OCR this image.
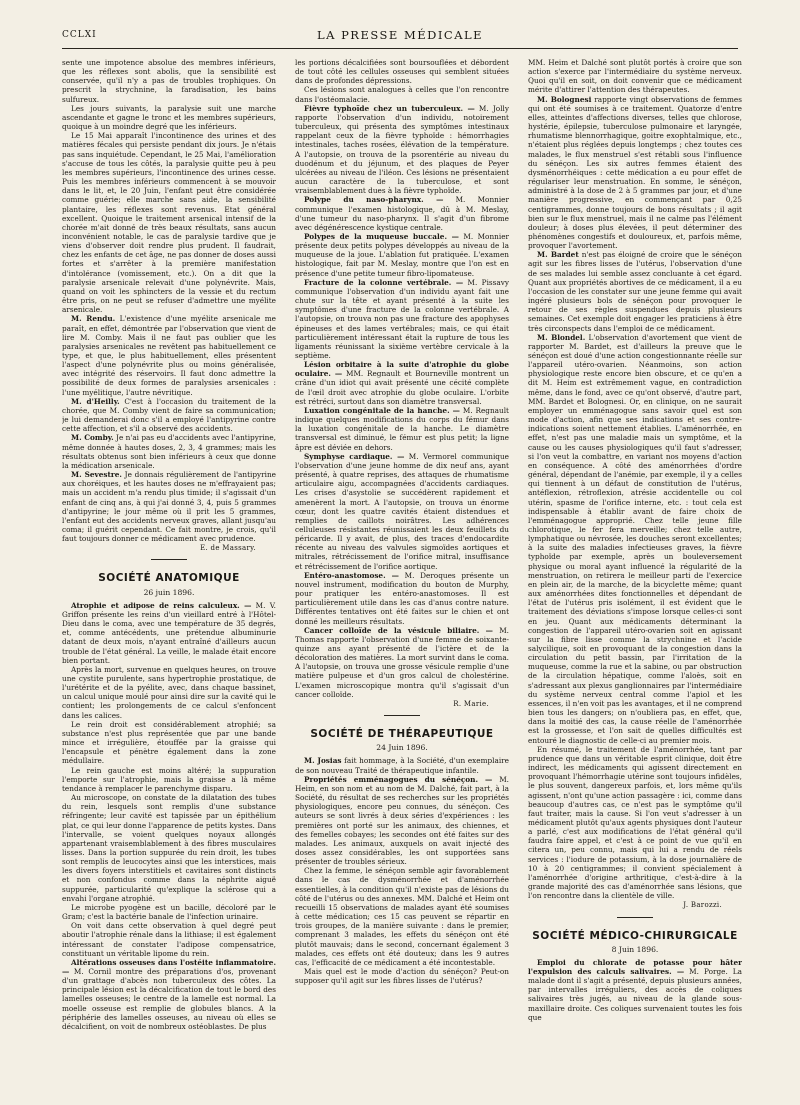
CCLXI	LA PRESSE MÉDICALE

sente une impotence absolue des membres inférieurs, que les réflexes sont abolis, que la sensibilité est conservée, qu'il n'y a pas de troubles trophiques. On prescrit la strychnine, la faradisation, les bains sulfureux.

Les jours suivants, la paralysie suit une marche ascendante et gagne le tronc et les membres supérieurs, quoique à un moindre degré que les inférieurs.

Le 15 Mai apparaît l'incontinence des urines et des matières fécales qui persiste pendant dix jours. Je n'étais pas sans inquiétude. Cependant, le 25 Mai, l'amélioration s'accuse de tous les côtés, la paralysie quitte peu à peu les membres supérieurs, l'incontinence des urines cesse. Puis les membres inférieurs commencent à se mouvoir dans le lit, et, le 20 Juin, l'enfant peut être considérée comme guérie; elle marche sans aide, la sensibilité plantaire, les réflexes sont revenus. Etat général excellent. Quoique le traitement arsenical intensif de la chorée m'ait donné de très beaux résultats, sans aucun inconvénient notable, le cas de paralysie tardive que je viens d'observer doit rendre plus prudent. Il faudrait, chez les enfants de cet âge, ne pas donner de doses aussi fortes et s'arrêter à la première manifestation d'intolérance (vomissement, etc.). On a dit que la paralysie arsenicale relevait d'une polynévrite. Mais, quand on voit les sphincters de la vessie et du rectum être pris, on ne peut se refuser d'admettre une myélite arsenicale.

M. Rendu. L'existence d'une myélite arsenicale me paraît, en effet, démontrée par l'observation que vient de lire M. Comby. Mais il ne faut pas oublier que les paralysies arsenicales ne revêtent pas habituellement ce type, et que, le plus habituellement, elles présentent l'aspect d'une polynévrite plus ou moins généralisée, avec intégrité des réservoirs. Il faut donc admettre la possibilité de deux formes de paralysies arsenicales : l'une myélitique, l'autre névritique.

M. d'Heilly. C'est à l'occasion du traitement de la chorée, que M. Comby vient de faire sa communication; je lui demanderai donc s'il a employé l'antipyrine contre cette affection, et s'il a observé des accidents.

M. Comby. Je n'ai pas eu d'accidents avec l'antipyrine, même donnée à hautes doses, 2, 3, 4 grammes; mais les résultats obtenus sont bien inférieurs à ceux que donne la médication arsenicale.

M. Sevestre. Je donnais régulièrement de l'antipyrine aux choréiques, et les hautes doses ne m'effrayaient pas; mais un accident m'a rendu plus timide; il s'agissait d'un enfant de cinq ans, à qui j'ai donné 3, 4, puis 5 grammes d'antipyrine; le jour même où il prit les 5 grammes, l'enfant eut des accidents nerveux graves, allant jusqu'au coma; il guérit cependant. Ce fait montre, je crois, qu'il faut toujours donner ce médicament avec prudence.

E. de Massary.
SOCIÉTÉ ANATOMIQUE
26 juin 1896.

Atrophie et adipose de reins calculeux. — M. V. Griffon présente les reins d'un vieillard entré à l'Hôtel-Dieu dans le coma, avec une température de 35 degrés, et, comme antécédents, une prétendue albuminurie datant de deux mois, n'ayant entraîné d'ailleurs aucun trouble de l'état général. La veille, le malade était encore bien portant.

Après la mort, survenue en quelques heures, on trouve une cystite purulente, sans hypertrophie prostatique, de l'urétérite et de la pyélite, avec, dans chaque bassinet, un calcul unique moulé pour ainsi dire sur la cavité qui le contient; les prolongements de ce calcul s'enfoncent dans les calices.

Le rein droit est considérablement atrophié; sa substance n'est plus représentée que par une bande mince et irrégulière, étouffée par la graisse qui l'encapsule et pénètre également dans la zone médullaire.

Le rein gauche est moins altéré; la suppuration l'emporte sur l'atrophie, mais la graisse a là même tendance à remplacer le parenchyme disparu.

Au microscope, on constate de la dilatation des tubes du rein, lesquels sont remplis d'une substance réfringente; leur cavité est tapissée par un épithélium plat, ce qui leur donne l'apparence de petits kystes. Dans l'intervalle, se voient quelques noyaux allongés appartenant vraisemblablement à des fibres musculaires lisses. Dans la portion suppurée du rein droit, les tubes sont remplis de leucocytes ainsi que les interstices, mais les divers foyers interstitiels et cavitaires sont distincts et non confondus comme dans la néphrite aiguë suppurée, particularité qu'explique la sclérose qui a envahi l'organe atrophié.

Le microbe pyogène est un bacille, décoloré par le Gram; c'est la bactérie banale de l'infection urinaire.

On voit dans cette observation à quel degré peut aboutir l'atrophie rénale dans la lithiase; il est également intéressant de constater l'adipose compensatrice, constituant un véritable lipome du rein.

Altérations osseuses dans l'ostéite inflammatoire. — M. Cornil montre des préparations d'os, provenant d'un grattage d'abcès non tuberculeux des côtes. La principale lésion est la décalcification de tout le bord des lamelles osseuses; le centre de la lamelle est normal. La moelle osseuse est remplie de globules blancs. A la périphérie des lamelles osseuses, au niveau où elles se décalcifient, on voit de nombreux ostéoblastes. De plus

les portions décalcifiées sont boursouflées et débordent de tout côté les cellules osseuses qui semblent situées dans de profondes dépressions.

Ces lésions sont analogues à celles que l'on rencontre dans l'ostéomalacie.

Fièvre typhoïde chez un tuberculeux. — M. Jolly rapporte l'observation d'un individu, notoirement tuberculeux, qui présenta des symptômes intestinaux rappelant ceux de la fièvre typhoïde : hémorrhagies intestinales, taches rosées, élévation de la température. A l'autopsie, on trouva de la psorentérie au niveau du duodénum et du jéjunum, et des plaques de Peyer ulcérées au niveau de l'iléon. Ces lésions ne présentaient aucun caractère de la tuberculose, et sont vraisemblablement dues à la fièvre typhoïde.

Polype du naso-pharynx. — M. Monnier communique l'examen histologique, dû à M. Meslay, d'une tumeur du naso-pharynx. Il s'agit d'un fibrome avec dégénérescence kystique centrale.

Polypes de la muqueuse buccale. — M. Monnier présente deux petits polypes développés au niveau de la muqueuse de la joue. L'ablation fut pratiquée. L'examen histologique, fait par M. Meslay, montre que l'on est en présence d'une petite tumeur fibro-lipomateuse.

Fracture de la colonne vertébrale. — M. Pissavy communique l'observation d'un individu ayant fait une chute sur la tête et ayant présenté à la suite les symptômes d'une fracture de la colonne vertébrale. A l'autopsie, on trouva non pas une fracture des apophyses épineuses et des lames vertébrales; mais, ce qui était particulièrement intéressant était la rupture de tous les ligaments réunissant la sixième vertèbre cervicale à la septième.

Lésion orbitaire à la suite d'atrophie du globe oculaire. — MM. Regnault et Bourneville montrent un crâne d'un idiot qui avait présenté une cécité complète de l'œil droit avec atrophie du globe oculaire. L'orbite est rétréci, surtout dans son diamètre transversal.

Luxation congénitale de la hanche. — M. Regnault indique quelques modifications du corps du fémur dans la luxation congénitale de la hanche. Le diamètre transversal est diminué, le fémur est plus petit; la ligne âpre est déviée en dehors.

Symphyse cardiaque. — M. Vermorel communique l'observation d'une jeune homme de dix neuf ans, ayant présenté, à quatre reprises, des attaques de rhumatisme articulaire aigu, accompagnées d'accidents cardiaques. Les crises d'asystolie se succédèrent rapidement et amenèrent la mort. A l'autopsie, on trouva un énorme cœur, dont les quatre cavités étaient distendues et remplies de caillots noirâtres. Les adhérences celluleuses résistantes réunissaient les deux feuillets du péricarde. Il y avait, de plus, des traces d'endocardite récente au niveau des valvules sigmoïdes aortiques et mitrales, rétrécissement de l'orifice mitral, insuffisance et rétrécissement de l'orifice aortique.

Entéro-anastomose. — M. Deroques présente un nouvel instrument, modification du bouton de Murphy, pour pratiquer les entéro-anastomoses. Il est particulièrement utile dans les cas d'anus contre nature. Différentes tentatives ont été faites sur le chien et ont donné les meilleurs résultats.

Cancer colloïde de la vésicule biliaire. — M. Thomas rapporte l'observation d'une femme de soixante-quinze ans ayant présenté de l'ictère et de la décoloration des matières. La mort survint dans le coma. A l'autopsie, on trouva une grosse vésicule remplie d'une matière pulpeuse et d'un gros calcul de cholestérine. L'examen microscopique montra qu'il s'agissait d'un cancer colloïde.

R. Marie.
SOCIÉTÉ DE THÉRAPEUTIQUE
24 Juin 1896.

M. Josias fait hommage, à la Société, d'un exemplaire de son nouveau Traité de thérapeutique infantile.

Propriétés emménagogues du sénéçon. — M. Heim, en son nom et au nom de M. Dalché, fait part, à la Société, du résultat de ses recherches sur les propriétés physiologiques, encore peu connues, du sénéçon. Ces auteurs se sont livrés à deux séries d'expériences : les premières ont porté sur les animaux, des chiennes, et des femelles cobayes; les secondes ont été faites sur des malades. Les animaux, auxquels on avait injecté des doses assez considérables, les ont supportées sans présenter de troubles sérieux.

Chez la femme, le sénéçon semble agir favorablement dans le cas de dysménorrhée et d'aménorrhée essentielles, à la condition qu'il n'existe pas de lésions du côté de l'utérus ou des annexes. MM. Dalché et Heim ont recueilli 15 observations de malades ayant été soumises à cette médication; ces 15 cas peuvent se répartir en trois groupes, de la manière suivante : dans le premier, comprenant 3 malades, les effets du sénéçon ont été plutôt mauvais; dans le second, concernant également 3 malades, ces effets ont été douteux; dans les 9 autres cas, l'efficacité de ce médicament a été incontestable.

Mais quel est le mode d'action du sénéçon? Peut-on supposer qu'il agit sur les fibres lisses de l'utérus?

MM. Heim et Dalché sont plutôt portés à croire que son action s'exerce par l'intermédiaire du système nerveux. Quoi qu'il en soit, on doit convenir que ce médicament mérite d'attirer l'attention des thérapeutes.

M. Bolognesi rapporte vingt observations de femmes qui ont été soumises à ce traitement. Quatorze d'entre elles, atteintes d'affections diverses, telles que chlorose, hystérie, épilepsie, tuberculose pulmonaire et laryngée, rhumatisme blennorrhagique, goitre exophtalmique, etc., n'étaient plus réglées depuis longtemps ; chez toutes ces malades, le flux menstruel s'est rétabli sous l'influence du sénéçon. Les six autres femmes étaient des dysménorrhéiques : cette médication a eu pour effet de régulariser leur menstruation. En somme, le sénéçon, administré à la dose de 2 à 5 grammes par jour, et d'une manière progressive, en commençant par 0,25 centigrammes, donne toujours de bons résultats ; il agit bien sur le flux menstruel, mais il ne calme pas l'élément douleur; à doses plus élevées, il peut déterminer des phénomènes congestifs et douloureux, et, parfois même, provoquer l'avortement.

M. Bardet n'est pas éloigné de croire que le sénéçon agit sur les fibres lisses de l'utérus, l'observation d'une de ses malades lui semble assez concluante à cet égard. Quant aux propriétés abortives de ce médicament, il a eu l'occasion de les constater sur une jeune femme qui avait ingéré plusieurs bols de sénéçon pour provoquer le retour de ses règles suspendues depuis plusieurs semaines. Cet exemple doit engager les praticiens à être très circonspects dans l'emploi de ce médicament.

M. Blondel. L'observation d'avortement que vient de rapporter M. Bardet, est d'ailleurs la preuve que le sénéçon est doué d'une action congestionnante réelle sur l'appareil utéro-ovarien. Néanmoins, son action physiologique reste encore bien obscure, et ce qu'en a dit M. Heim est extrêmement vague, en contradiction même, dans le fond, avec ce qu'ont observé, d'autre part, MM. Bardet et Bolognesi. Or, en clinique, on ne saurait employer un emménagogue sans savoir quel est son mode d'action, afin que ses indications et ses contre-indications soient nettement établies. L'aménorrhée, en effet, n'est pas une maladie mais un symptôme, et la cause ou les causes physiologiques qu'il faut s'adresser, si l'on veut la combattre, en variant nos moyens d'action en conséquence. A côté des aménorrhées d'ordre général, dépendant de l'anémie, par exemple, il y a celles qui tiennent à un défaut de constitution de l'utérus, antéflexion, rétroflexion, atrésie accidentelle ou col utérin, spasme de l'orifice interne, etc. : tout cela est indispensable à établir avant de faire choix de l'emménagogue approprié. Chez telle jeune fille chlorotique, le fer fera merveille; chez telle autre, lymphatique ou névrosée, les douches seront excellentes; à la suite des maladies infectieuses graves, la fièvre typhoïde par exemple, après un bouleversement physique ou moral ayant influencé la régularité de la menstruation, on retirera le meilleur parti de l'exercice en plein air, de la marche, de la bicyclette même; quant aux aménorrhées dites fonctionnelles et dépendant de l'état de l'utérus pris isolément, il est évident que le traitement des déviations s'impose lorsque celles-ci sont en jeu. Quant aux médicaments déterminant la congestion de l'appareil utéro-ovarien soit en agissant sur la fibre lisse comme la strychnine et l'acide salycilique, soit en provoquant de la congestion dans la circulation du petit bassin, par l'irritation de la muqueuse, comme la rue et la sabine, ou par obstruction de la circulation hépatique, comme l'aloès, soit en s'adressant aux plexus ganglionnaires par l'intermédiaire du système nerveux central comme l'apiol et les essences, il n'en voit pas les avantages, et il ne comprend bien tous les dangers; on n'oubliera pas, en effet, que, dans la moitié des cas, la cause réelle de l'aménorrhée est la grossesse, et l'on sait de quelles difficultés est entouré le diagnostic de celle-ci au premier mois.

En résumé, le traitement de l'aménorrhée, tant par prudence que dans un véritable esprit clinique, doit être indirect, les médicaments qui agissent directement en provoquant l'hémorrhagie utérine sont toujours infidèles, le plus souvent, dangereux parfois, et, lors même qu'ils agissent, n'ont qu'une action passagère : ici, comme dans beaucoup d'autres cas, ce n'est pas le symptôme qu'il faut traiter, mais la cause. Si l'on veut s'adresser à un médicament plutôt qu'aux agents physiques dont l'auteur a parlé, c'est aux modifications de l'état général qu'il faudra faire appel, et c'est à ce point de vue qu'il en citera un, peu connu, mais qui lui a rendu de réels services : l'iodure de potassium, à la dose journalière de 10 à 20 centigrammes; il convient spécialement à l'aménorrhée d'origine arthritique, c'est-à-dire à la grande majorité des cas d'aménorrhée sans lésions, que l'on rencontre dans la clientèle de ville.

J. Barozzi.
SOCIÉTÉ MÉDICO-CHIRURGICALE
8 Juin 1896.

Emploi du chlorate de potasse pour hâter l'expulsion des calculs salivaires. — M. Porge. La malade dont il s'agit a présenté, depuis plusieurs années, par intervalles irréguliers, des accès de coliques salivaires très jugés, au niveau de la glande sous-maxillaire droite. Ces coliques survenaient toutes les fois que
